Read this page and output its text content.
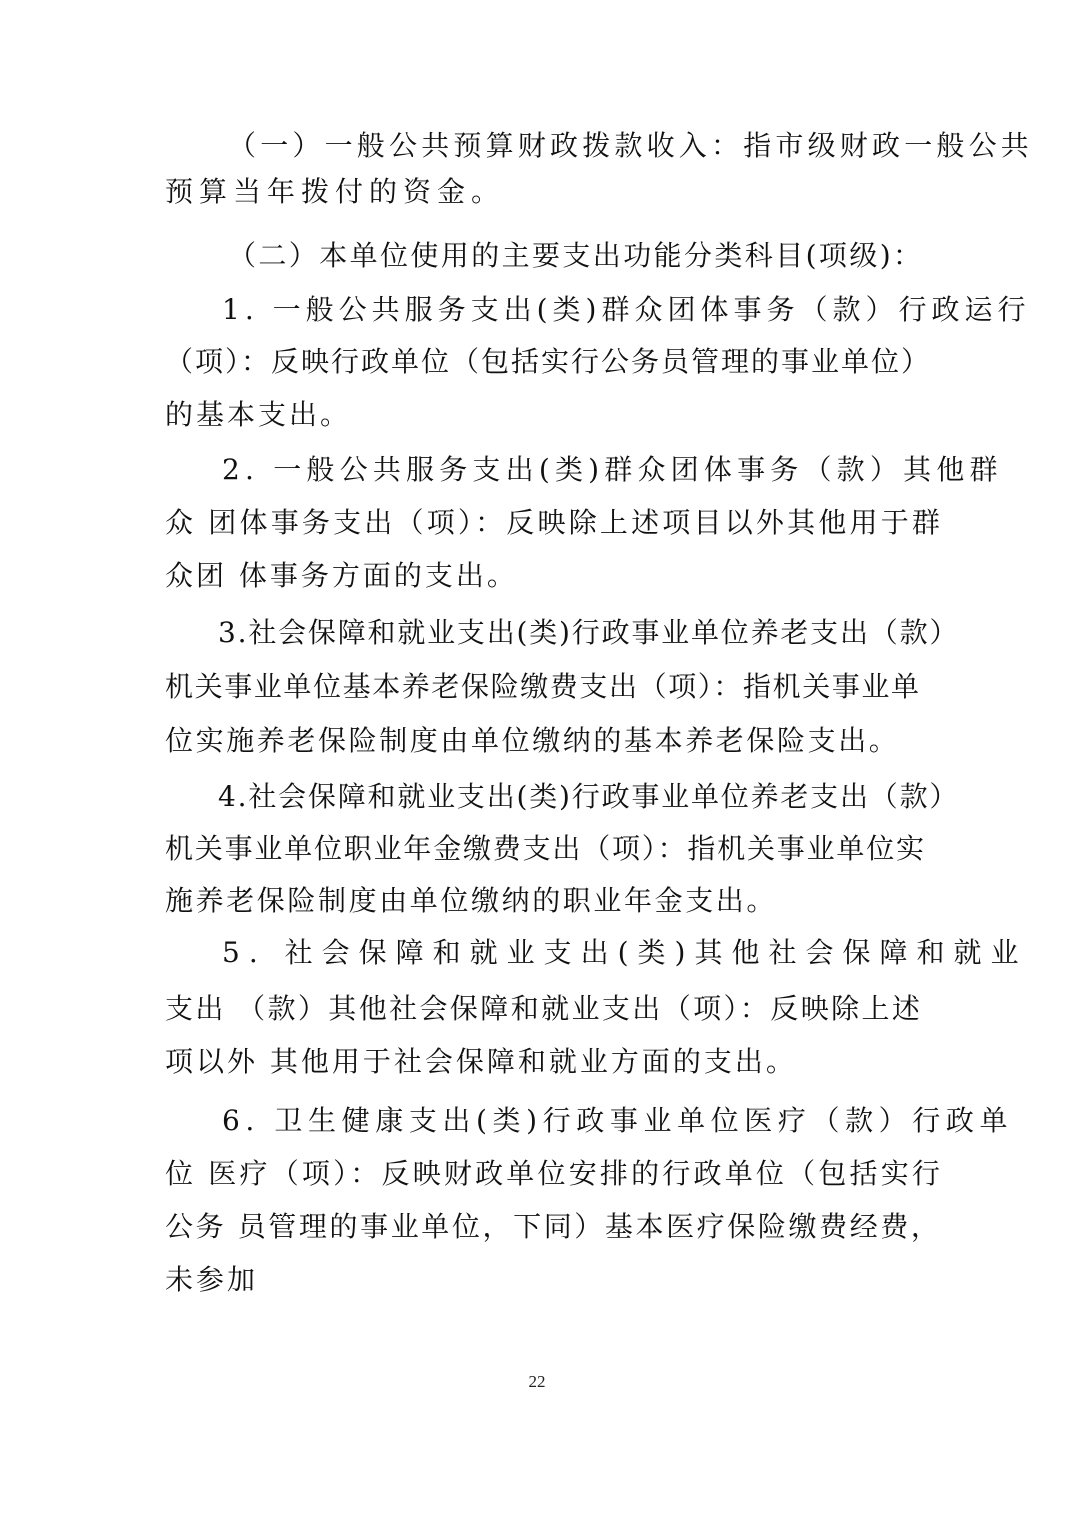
（一）一般公共预算财政拨款收入：指市级财政一般公共
预算当年拨付的资金。
（二）本单位使用的主要支出功能分类科目(项级)：
1. 一般公共服务支出(类)群众团体事务（款）行政运行
（项）：反映行政单位（包括实行公务员管理的事业单位）
的基本支出。
2. 一般公共服务支出(类)群众团体事务（款）其他群
众 团体事务支出（项）：反映除上述项目以外其他用于群
众团 体事务方面的支出。
3.社会保障和就业支出(类)行政事业单位养老支出（款）
机关事业单位基本养老保险缴费支出（项）：指机关事业单
位实施养老保险制度由单位缴纳的基本养老保险支出。
4.社会保障和就业支出(类)行政事业单位养老支出（款）
机关事业单位职业年金缴费支出（项）：指机关事业单位实
施养老保险制度由单位缴纳的职业年金支出。
5. 社会保障和就业支出(类)其他社会保障和就业
支出 （款）其他社会保障和就业支出（项）：反映除上述
项以外 其他用于社会保障和就业方面的支出。
6. 卫生健康支出(类)行政事业单位医疗（款）行政单
位 医疗（项）：反映财政单位安排的行政单位（包括实行
公务 员管理的事业单位，下同）基本医疗保险缴费经费，
未参加
22
